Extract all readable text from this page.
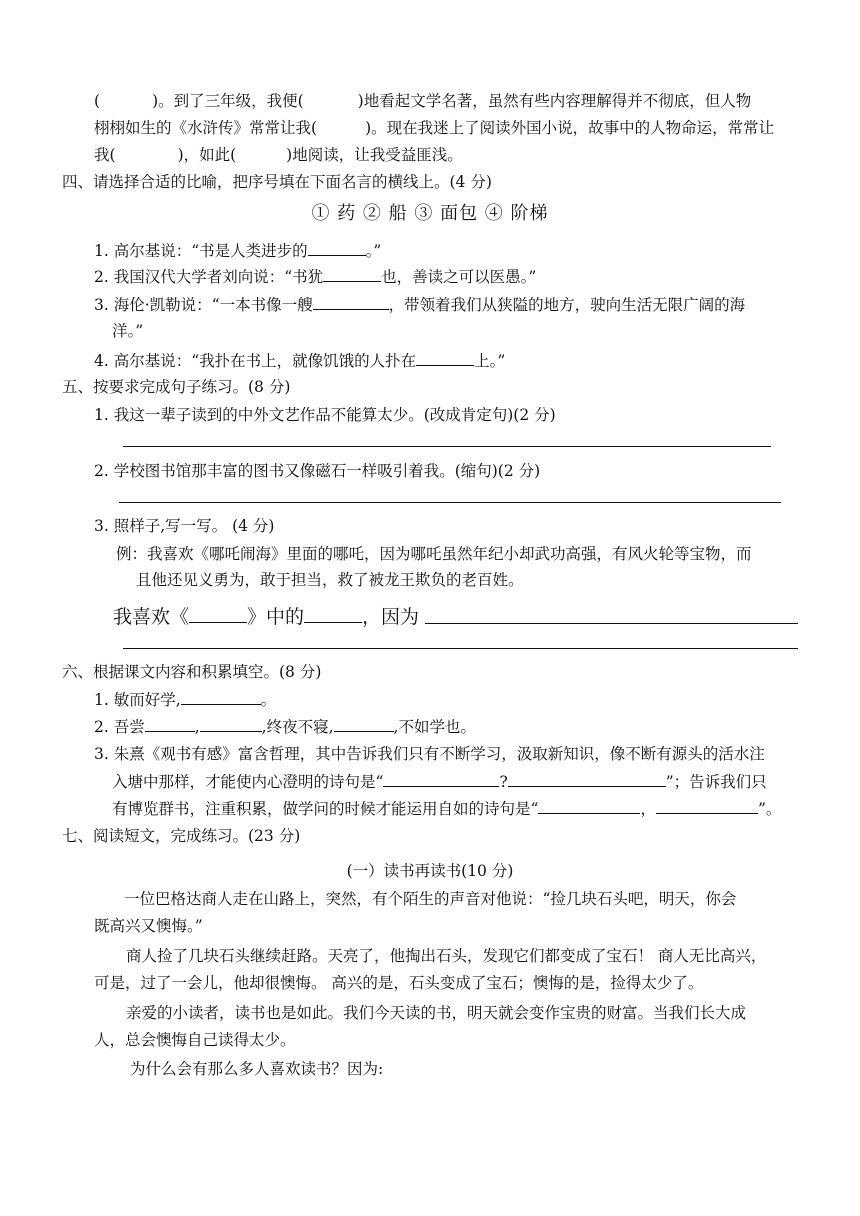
(	)。到了三年级，我便(	)地看起文学名著，虽然有些内容理解得并不彻底，但人物
栩栩如生的《水浒传》常常让我(	)。现在我迷上了阅读外国小说，故事中的人物命运，常常让
我(	)，如此(	)地阅读，让我受益匪浅。
四、请选择合适的比喻，把序号填在下面名言的横线上。(4 分)
① 药 ② 船 ③ 面包 ④ 阶梯
1. 高尔基说：“书是人类进步的	。”
2. 我国汉代大学者刘向说：“书犹	也，善读之可以医愚。”
3. 海伦·凯勒说：“一本书像一艘	，带领着我们从狭隘的地方，驶向生活无限广阔的海
洋。”
4. 高尔基说：“我扑在书上，就像饥饿的人扑在	上。”
五、按要求完成句子练习。(8 分)
1. 我这一辈子读到的中外文艺作品不能算太少。(改成肯定句)(2 分)
2. 学校图书馆那丰富的图书又像磁石一样吸引着我。(缩句)(2 分)
3. 照样子,写一写。 (4 分)
例：我喜欢《哪吒闹海》里面的哪吒，因为哪吒虽然年纪小却武功高强，有风火轮等宝物，而
且他还见义勇为，敢于担当，救了被龙王欺负的老百姓。
我喜欢《	》中的	，因为
六、根据课文内容和积累填空。(8 分)
1. 敏而好学,	。
2. 吾尝	,	,终夜不寝,	,不如学也。
3. 朱熹《观书有感》富含哲理，其中告诉我们只有不断学习，汲取新知识，像不断有源头的活水注
入塘中那样，才能使内心澄明的诗句是“	?	”；告诉我们只
有博览群书，注重积累，做学问的时候才能运用自如的诗句是“	，	”。
七、阅读短文，完成练习。(23 分)
(一）读书再读书(10 分)
一位巴格达商人走在山路上，突然，有个陌生的声音对他说：“捡几块石头吧，明天，你会
既高兴又懊悔。”
商人捡了几块石头继续赶路。天亮了，他掏出石头，发现它们都变成了宝石！ 商人无比高兴，
可是，过了一会儿，他却很懊悔。 高兴的是，石头变成了宝石；懊悔的是，捡得太少了。
亲爱的小读者，读书也是如此。我们今天读的书，明天就会变作宝贵的财富。当我们长大成
人，总会懊悔自己读得太少。
为什么会有那么多人喜欢读书？因为:
